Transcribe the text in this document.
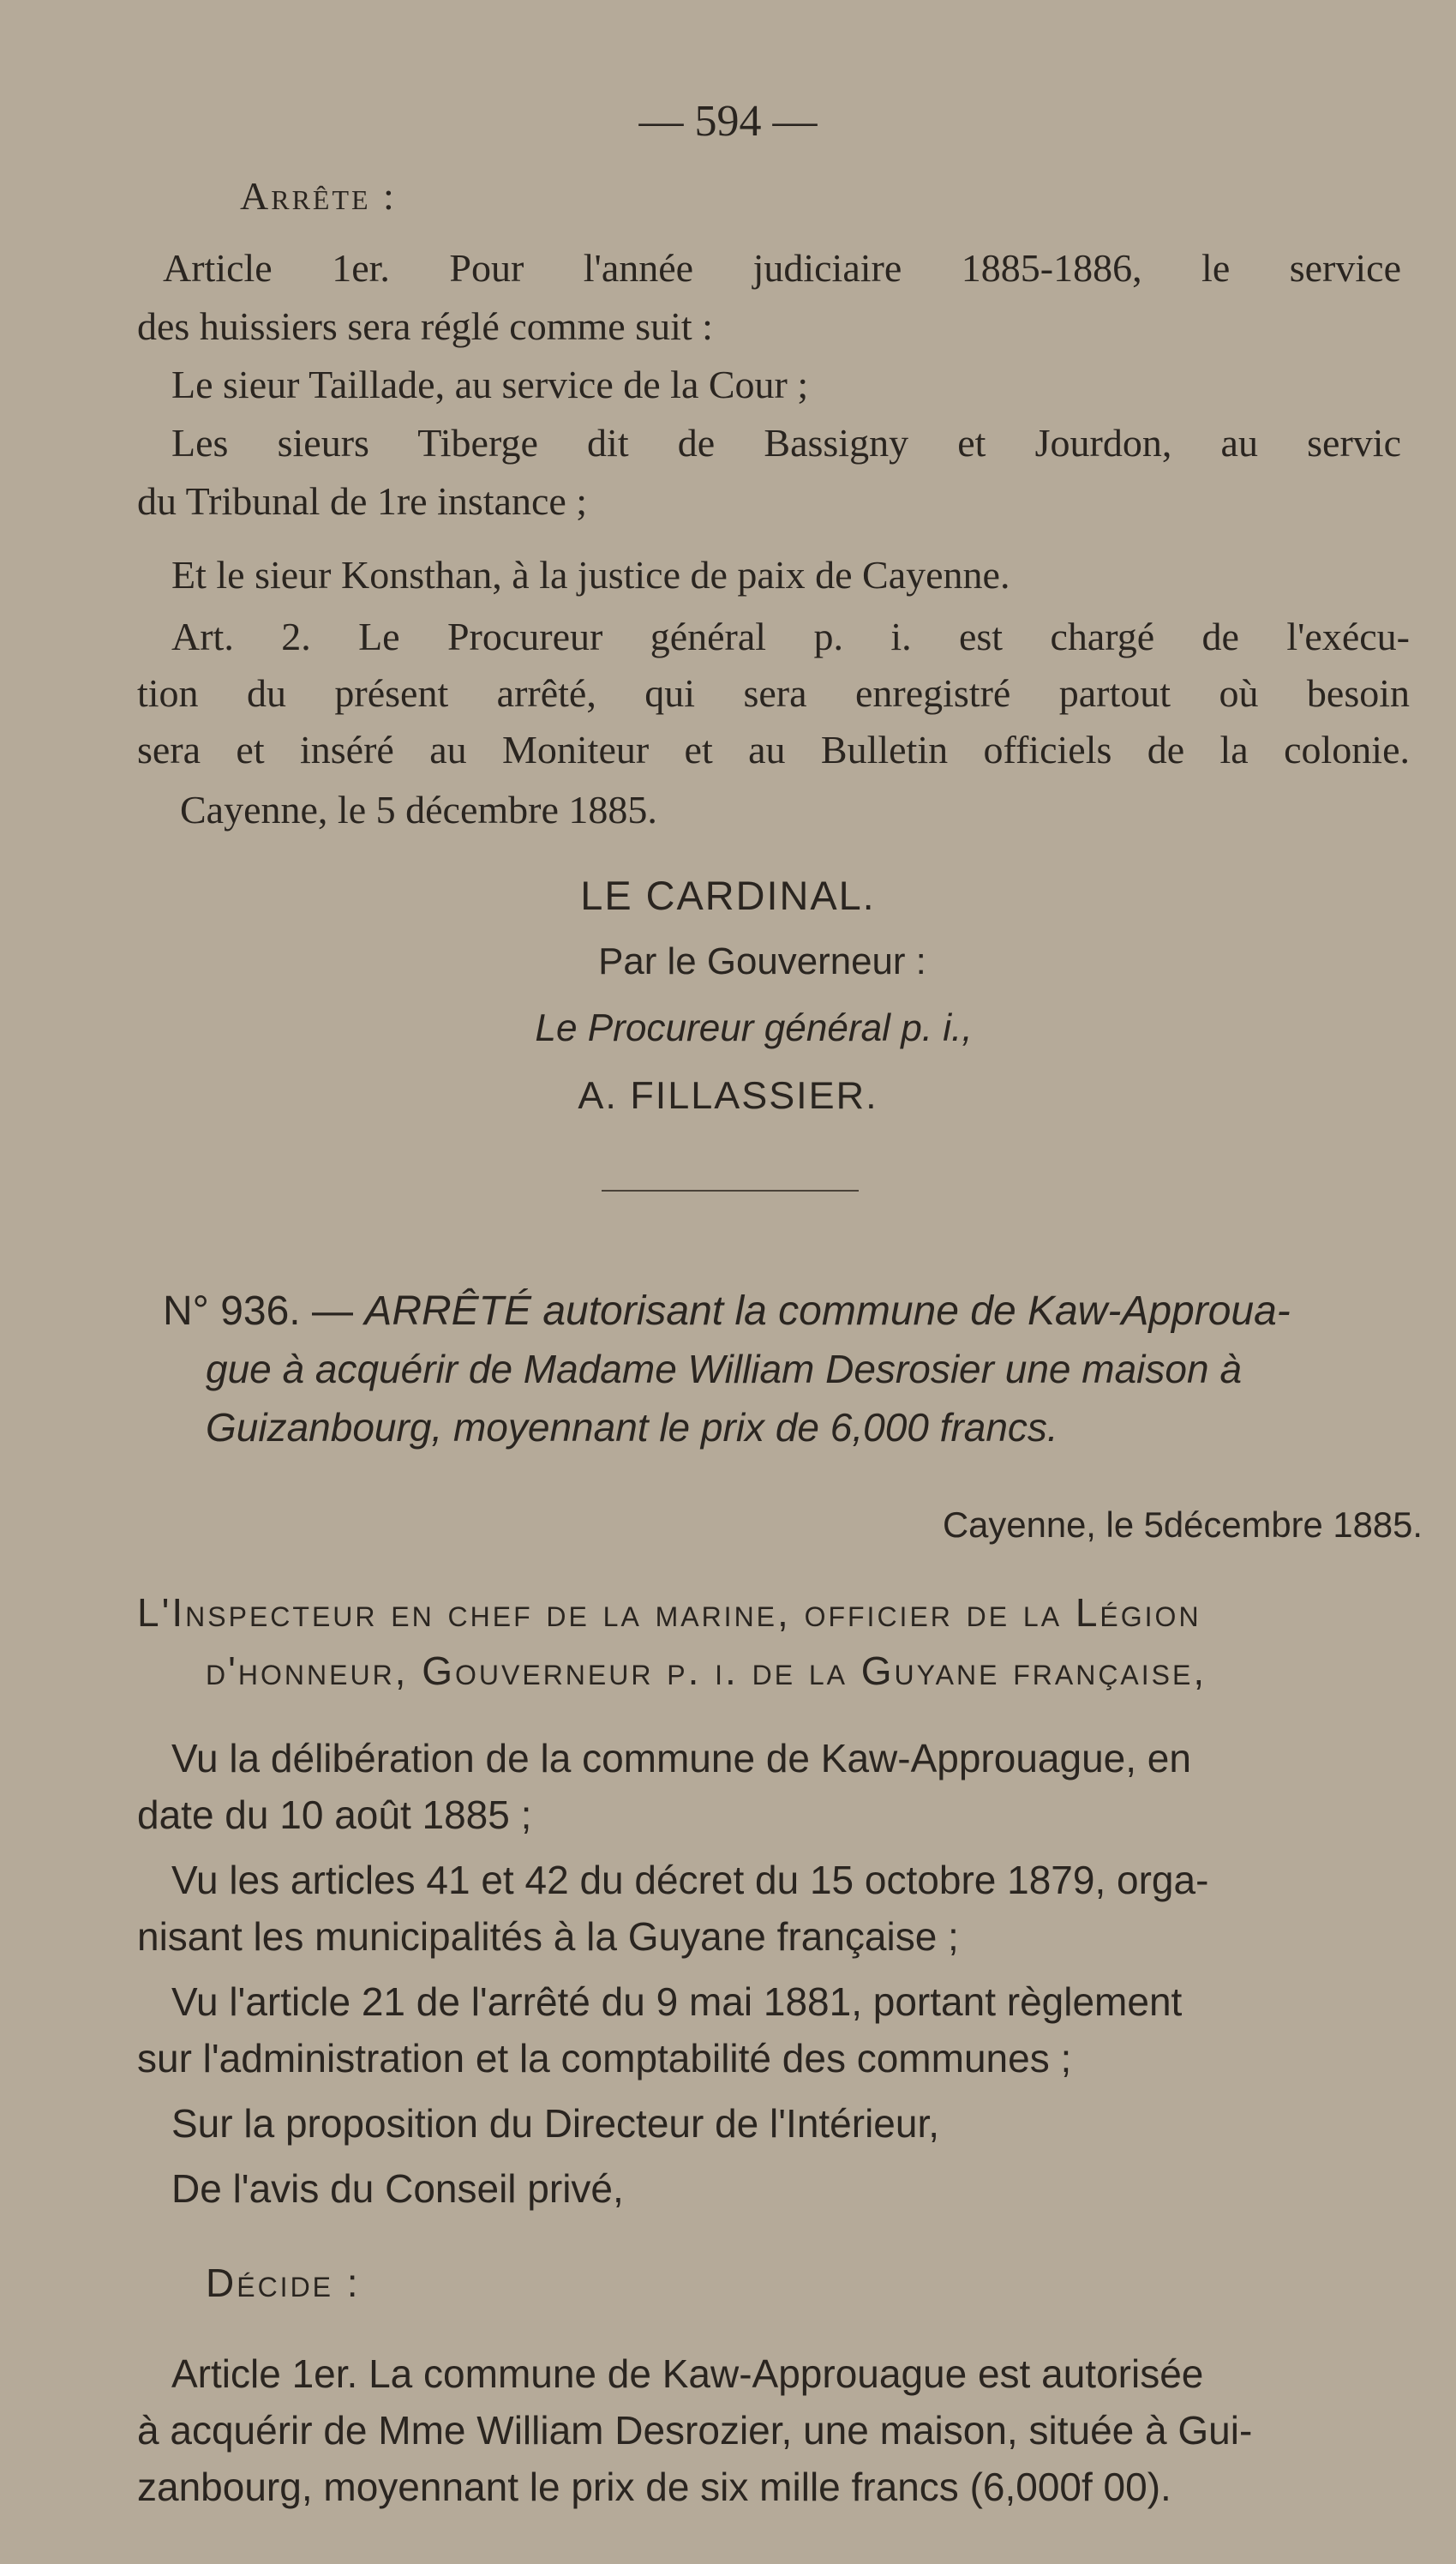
— 594 —
Arrête :
Article 1er. Pour l'année judiciaire 1885-1886, le service
des huissiers sera réglé comme suit :
Le sieur Taillade, au service de la Cour ;
Les sieurs Tiberge dit de Bassigny et Jourdon, au servic
du Tribunal de 1re instance ;
Et le sieur Konsthan, à la justice de paix de Cayenne.
Art. 2. Le Procureur général p. i. est chargé de l'exécu-
tion du présent arrêté, qui sera enregistré partout où besoin
sera et inséré au Moniteur et au Bulletin officiels de la colonie.
Cayenne, le 5 décembre 1885.
LE CARDINAL.
Par le Gouverneur :
Le Procureur général p. i.,
A. FILLASSIER.
N° 936. — ARRÊTÉ autorisant la commune de Kaw-Approua-
gue à acquérir de Madame William Desrosier une maison à
Guizanbourg, moyennant le prix de 6,000 francs.
Cayenne, le 5décembre 1885.
L'Inspecteur en chef de la marine, officier de la Légion
d'honneur, Gouverneur p. i. de la Guyane française,
Vu la délibération de la commune de Kaw-Approuague, en
date du 10 août 1885 ;
Vu les articles 41 et 42 du décret du 15 octobre 1879, orga-
nisant les municipalités à la Guyane française ;
Vu l'article 21 de l'arrêté du 9 mai 1881, portant règlement
sur l'administration et la comptabilité des communes ;
Sur la proposition du Directeur de l'Intérieur,
De l'avis du Conseil privé,
Décide :
Article 1er. La commune de Kaw-Approuague est autorisée
à acquérir de Mme William Desrozier, une maison, située à Gui-
zanbourg, moyennant le prix de six mille francs (6,000f 00).
